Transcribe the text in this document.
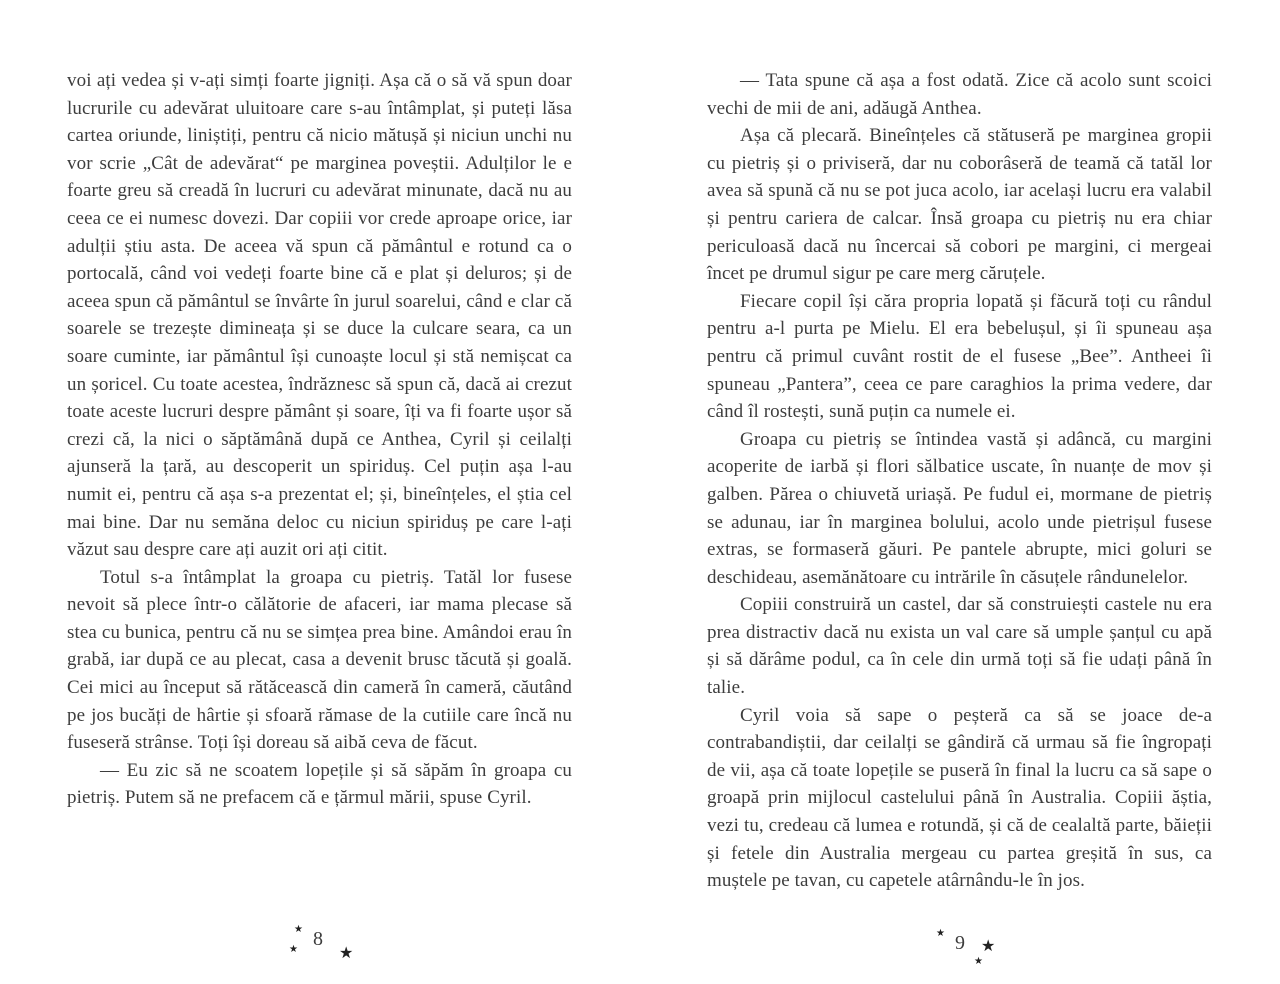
voi ați vedea și v-ați simți foarte jigniți. Așa că o să vă spun doar lucrurile cu adevărat uluitoare care s-au întâmplat, și puteți lăsa cartea oriunde, liniștiți, pentru că nicio mătușă și niciun unchi nu vor scrie „Cât de adevărat“ pe marginea poveștii. Adulților le e foarte greu să creadă în lucruri cu adevărat minunate, dacă nu au ceea ce ei numesc dovezi. Dar copiii vor crede aproape orice, iar adulții știu asta. De aceea vă spun că pământul e rotund ca o portocală, când voi vedeți foarte bine că e plat și deluros; și de aceea spun că pământul se învârte în jurul soarelui, când e clar că soarele se trezește dimineața și se duce la culcare seara, ca un soare cuminte, iar pământul își cunoaște locul și stă nemișcat ca un șoricel. Cu toate acestea, îndrăznesc să spun că, dacă ai crezut toate aceste lucruri despre pământ și soare, îți va fi foarte ușor să crezi că, la nici o săptămână după ce Anthea, Cyril și ceilalți ajunseră la țară, au descoperit un spiriduș. Cel puțin așa l-au numit ei, pentru că așa s-a prezentat el; și, bineînțeles, el știa cel mai bine. Dar nu semăna deloc cu niciun spiriduș pe care l-ați văzut sau despre care ați auzit ori ați citit.

Totul s-a întâmplat la groapa cu pietriș. Tatăl lor fusese nevoit să plece într-o călătorie de afaceri, iar mama plecase să stea cu bunica, pentru că nu se simțea prea bine. Amândoi erau în grabă, iar după ce au plecat, casa a devenit brusc tăcută și goală. Cei mici au început să rătăcească din cameră în cameră, căutând pe jos bucăți de hârtie și sfoară rămase de la cutiile care încă nu fuseseră strânse. Toți își doreau să aibă ceva de făcut.

— Eu zic să ne scoatem lopețile și să săpăm în groapa cu pietriș. Putem să ne prefacem că e țărmul mării, spuse Cyril.

★
★ 8
★

— Tata spune că așa a fost odată. Zice că acolo sunt scoici vechi de mii de ani, adăugă Anthea.

Așa că plecară. Bineînțeles că stătuseră pe marginea gropii cu pietriș și o priviseră, dar nu coborâseră de teamă că tatăl lor avea să spună că nu se pot juca acolo, iar același lucru era valabil și pentru cariera de calcar. Însă groapa cu pietriș nu era chiar periculoasă dacă nu încercai să cobori pe margini, ci mergeai încet pe drumul sigur pe care merg căruțele.

Fiecare copil își căra propria lopată și făcură toți cu rândul pentru a-l purta pe Mielu. El era bebelușul, și îi spuneau așa pentru că primul cuvânt rostit de el fusese „Bee”. Antheei îi spuneau „Pantera”, ceea ce pare caraghios la prima vedere, dar când îl rostești, sună puțin ca numele ei.

Groapa cu pietriș se întindea vastă și adâncă, cu margini acoperite de iarbă și flori sălbatice uscate, în nuanțe de mov și galben. Părea o chiuvetă uriașă. Pe fudul ei, mormane de pietriș se adunau, iar în marginea bolului, acolo unde pietrișul fusese extras, se formaseră găuri. Pe pantele abrupte, mici goluri se deschideau, asemănătoare cu intrările în căsuțele rândunelelor.

Copiii construiră un castel, dar să construiești castele nu era prea distractiv dacă nu exista un val care să umple șanțul cu apă și să dărâme podul, ca în cele din urmă toți să fie udați până în talie.

Cyril voia să sape o peșteră ca să se joace de-a contrabandiștii, dar ceilalți se gândiră că urmau să fie îngropați de vii, așa că toate lopețile se puseră în final la lucru ca să sape o groapă prin mijlocul castelului până în Australia. Copiii ăștia, vezi tu, credeau că lumea e rotundă, și că de cealaltă parte, băieții și fetele din Australia mergeau cu partea greșită în sus, ca muștele pe tavan, cu capetele atârnându-le în jos.

★ 9 ★
★
